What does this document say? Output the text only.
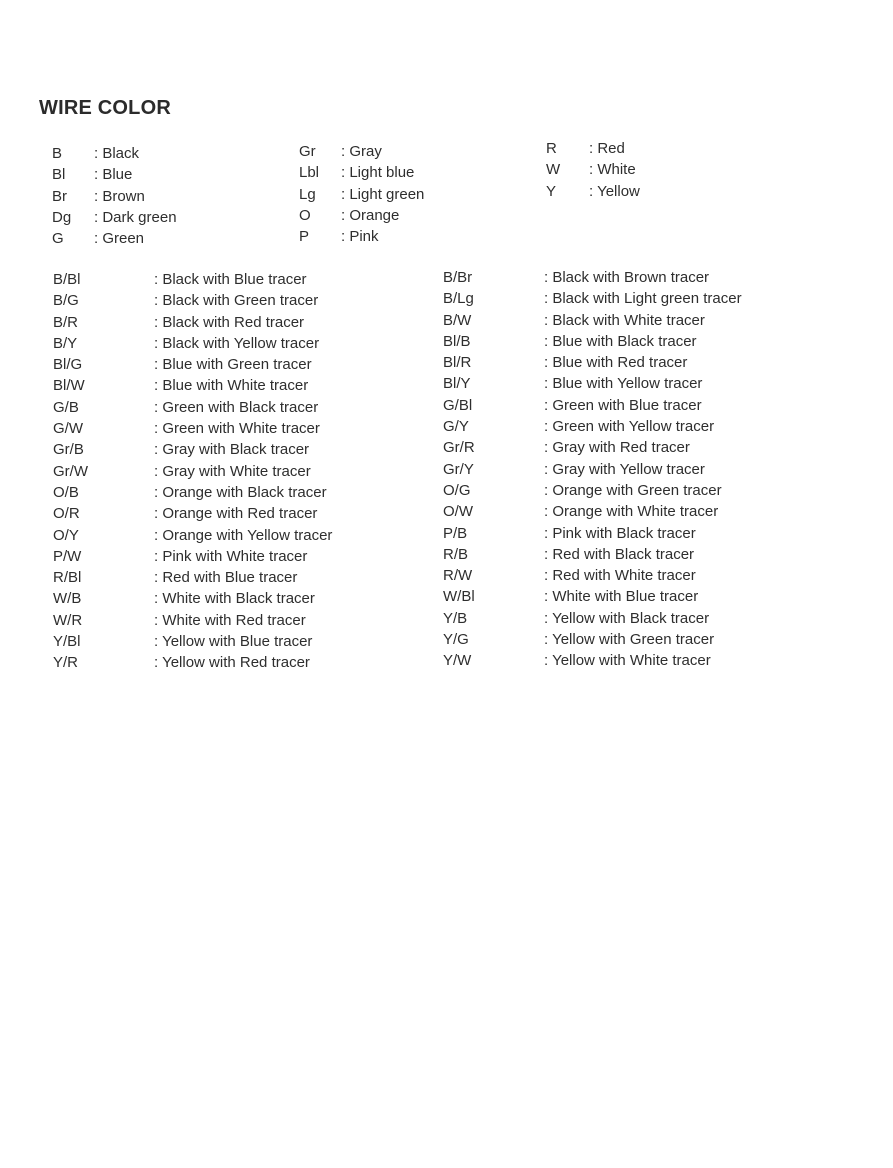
WIRE COLOR
B : Black
Bl : Blue
Br : Brown
Dg : Dark green
G : Green
Gr : Gray
Lbl : Light blue
Lg : Light green
O : Orange
P : Pink
R : Red
W : White
Y : Yellow
B/Bl	: Black with Blue tracer
B/G	: Black with Green tracer
B/R	: Black with Red tracer
B/Y	: Black with Yellow tracer
Bl/G	: Blue with Green tracer
Bl/W	: Blue with White tracer
G/B	: Green with Black tracer
G/W	: Green with White tracer
Gr/B	: Gray with Black tracer
Gr/W	: Gray with White tracer
O/B	: Orange with Black tracer
O/R	: Orange with Red tracer
O/Y	: Orange with Yellow tracer
P/W	: Pink with White tracer
R/Bl	: Red with Blue tracer
W/B	: White with Black tracer
W/R	: White with Red tracer
Y/Bl	: Yellow with Blue tracer
Y/R	: Yellow with Red tracer
B/Br	: Black with Brown tracer
B/Lg	: Black with Light green tracer
B/W	: Black with White tracer
Bl/B	: Blue with Black tracer
Bl/R	: Blue with Red tracer
Bl/Y	: Blue with Yellow tracer
G/Bl	: Green with Blue tracer
G/Y	: Green with Yellow tracer
Gr/R	: Gray with Red tracer
Gr/Y	: Gray with Yellow tracer
O/G	: Orange with Green tracer
O/W	: Orange with White tracer
P/B	: Pink with Black tracer
R/B	: Red with Black tracer
R/W	: Red with White tracer
W/Bl	: White with Blue tracer
Y/B	: Yellow with Black tracer
Y/G	: Yellow with Green tracer
Y/W	: Yellow with White tracer
